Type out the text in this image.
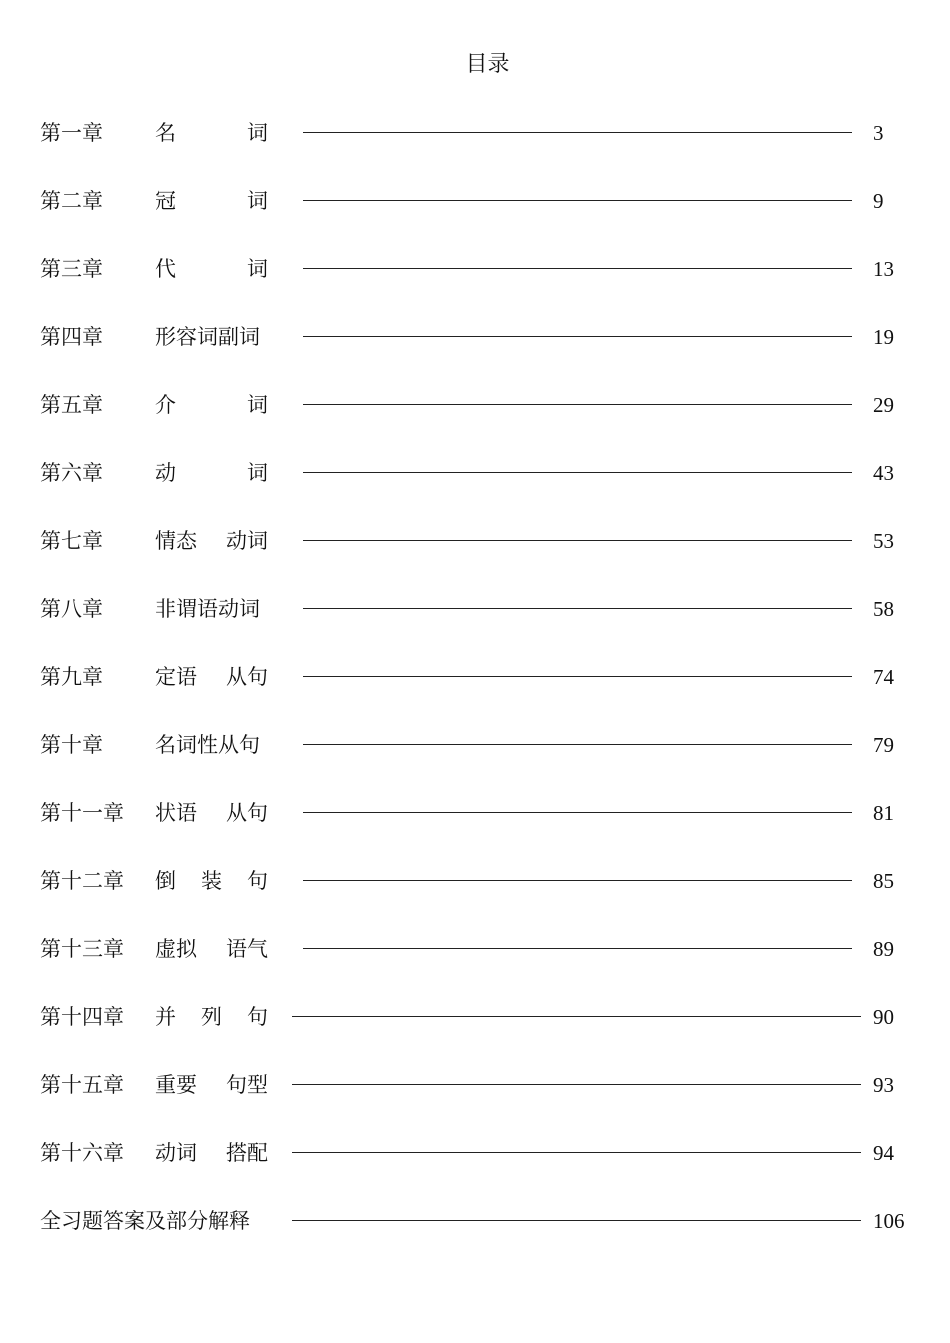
目录
第一章 名	词	3
第二章 冠	词	9
第三章 代	词	13
第四章 形容词副词	19
第五章 介	词	29
第六章 动	词	43
第七章 情态 动词	53
第八章 非谓语动词	58
第九章 定语 从句	74
第十章 名词性从句	79
第十一章 状语 从句	81
第十二章 倒 装 句	85
第十三章 虚拟 语气	89
第十四章 并 列 句	90
第十五章 重要 句型	93
第十六章 动词 搭配	94
全习题答案及部分解释	106
